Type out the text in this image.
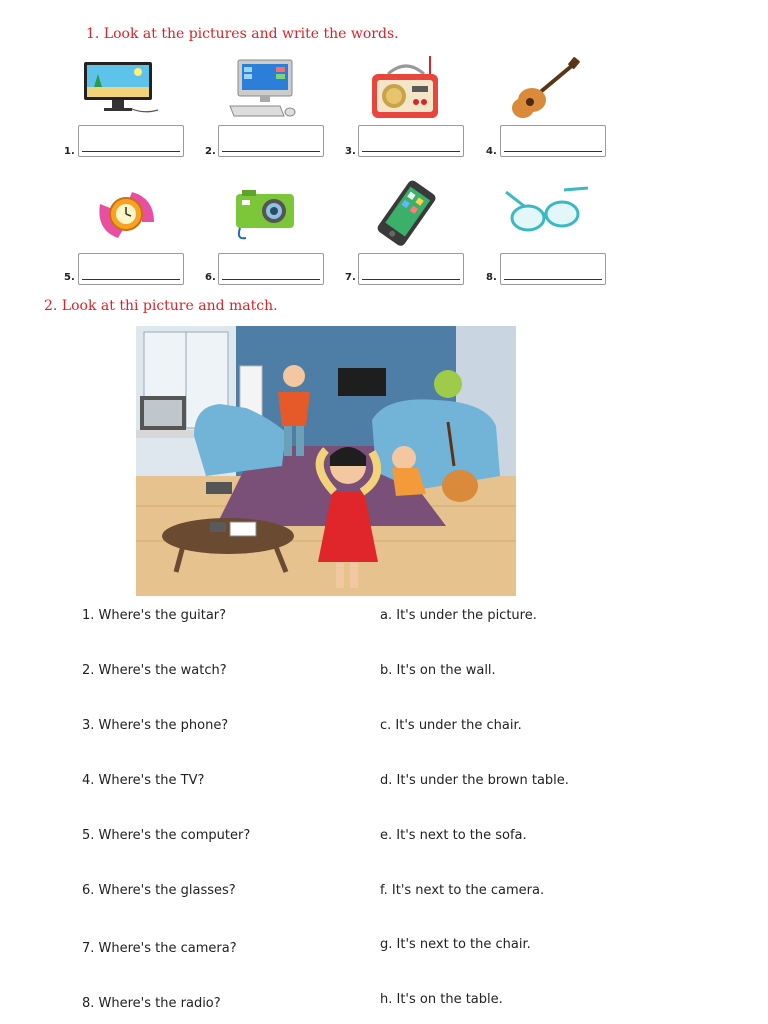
1. Look at the pictures and write the words.
1.	2.	3.	4.
5.	6.	7.	8.
2. Look at thi picture and match.
1. Where's the guitar?
2. Where's the watch?
3. Where's the phone?
4. Where's the TV?
5. Where's the computer?
6. Where's the glasses?
7. Where's the camera?
8. Where's the radio?
a. It's under the picture.
b. It's on the wall.
c. It's under the chair.
d. It's under the brown table.
e. It's next to the sofa.
f. It's next to the camera.
g. It's next to the chair.
h. It's on the table.
